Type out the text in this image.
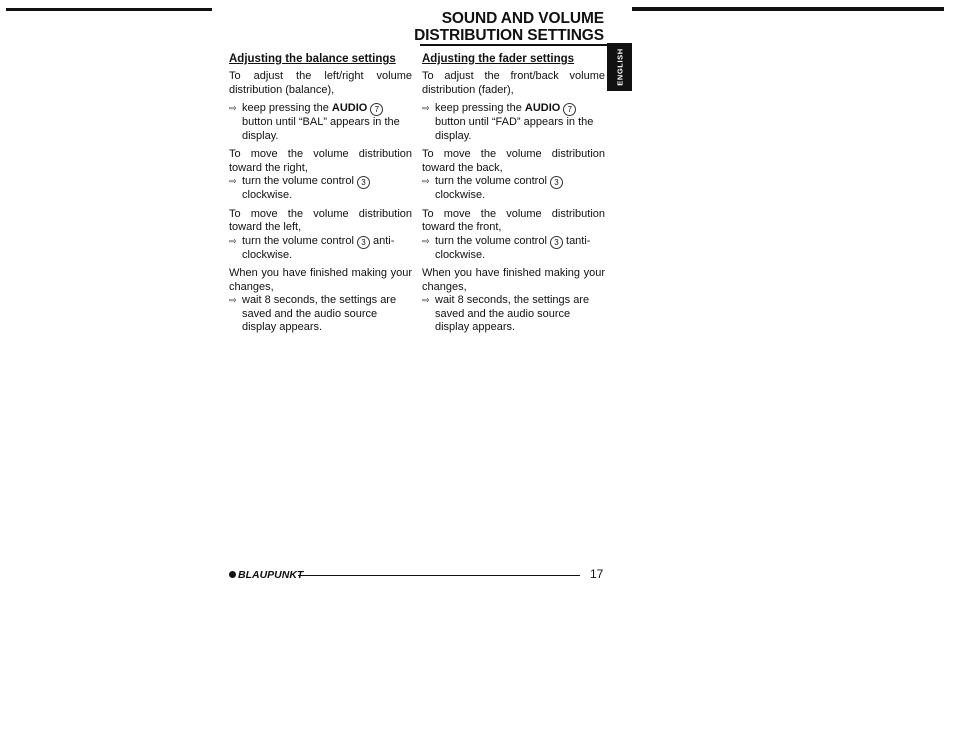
SOUND AND VOLUME
DISTRIBUTION SETTINGS
ENGLISH
Adjusting the balance settings

To adjust the left/right volume distribution (balance),

⇨ keep pressing the AUDIO 7 button until “BAL” appears in the display.

To move the volume distribution toward the right,

⇨ turn the volume control 3 clockwise.

To move the volume distribution toward the left,

⇨ turn the volume control 3 anti-clockwise.

When you have finished making your changes,

⇨ wait 8 seconds, the settings are saved and the audio source display appears.

Adjusting the fader settings

To adjust the front/back volume distribution (fader),

⇨ keep pressing the AUDIO 7 button until “FAD” appears in the display.

To move the volume distribution toward the back,

⇨ turn the volume control 3 clockwise.

To move the volume distribution toward the front,

⇨ turn the volume control 3 tanti-clockwise.

When you have finished making your changes,

⇨ wait 8 seconds, the settings are saved and the audio source display appears.

BLAUPUNKT	17
